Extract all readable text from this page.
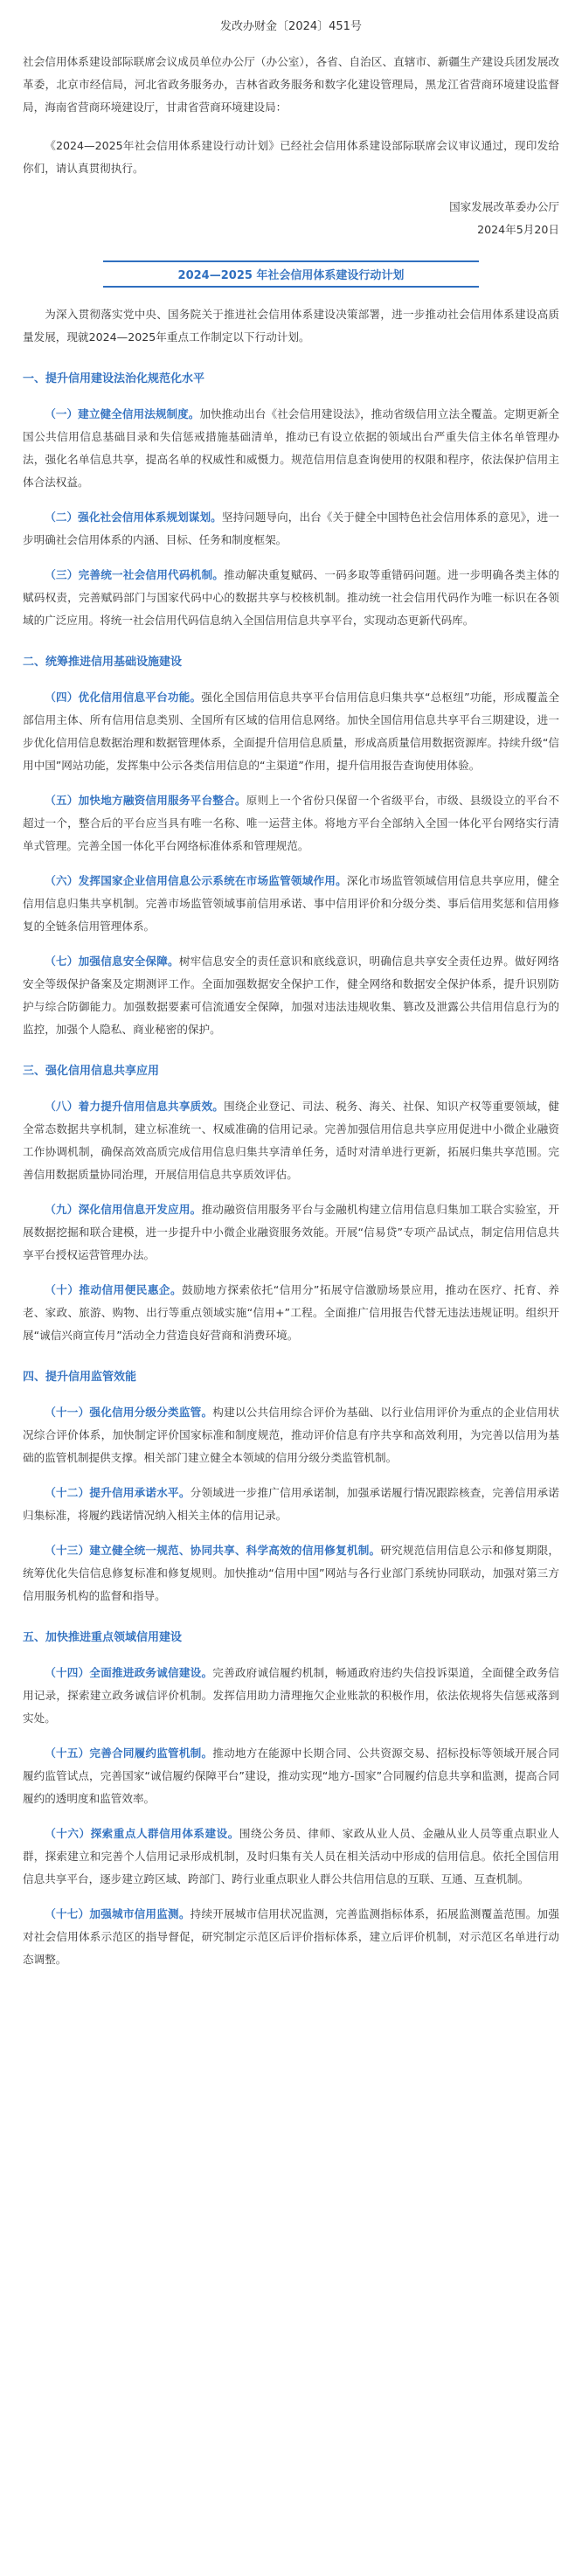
发改办财金〔2024〕451号

社会信用体系建设部际联席会议成员单位办公厅（办公室），各省、自治区、直辖市、新疆生产建设兵团发展改革委，北京市经信局，河北省政务服务办，吉林省政务服务和数字化建设管理局，黑龙江省营商环境建设监督局，海南省营商环境建设厅，甘肃省营商环境建设局：

《2024—2025年社会信用体系建设行动计划》已经社会信用体系建设部际联席会议审议通过，现印发给你们，请认真贯彻执行。

国家发展改革委办公厅

2024年5月20日

2024—2025 年社会信用体系建设行动计划

为深入贯彻落实党中央、国务院关于推进社会信用体系建设决策部署，进一步推动社会信用体系建设高质量发展，现就2024—2025年重点工作制定以下行动计划。

一、提升信用建设法治化规范化水平

（一）建立健全信用法规制度。加快推动出台《社会信用建设法》，推动省级信用立法全覆盖。定期更新全国公共信用信息基础目录和失信惩戒措施基础清单，推动已有设立依据的领域出台严重失信主体名单管理办法，强化名单信息共享，提高名单的权威性和威慑力。规范信用信息查询使用的权限和程序，依法保护信用主体合法权益。

（二）强化社会信用体系规划谋划。坚持问题导向，出台《关于健全中国特色社会信用体系的意见》，进一步明确社会信用体系的内涵、目标、任务和制度框架。

（三）完善统一社会信用代码机制。推动解决重复赋码、一码多取等重错码问题。进一步明确各类主体的赋码权责，完善赋码部门与国家代码中心的数据共享与校核机制。推动统一社会信用代码作为唯一标识在各领域的广泛应用。将统一社会信用代码信息纳入全国信用信息共享平台，实现动态更新代码库。

二、统筹推进信用基础设施建设

（四）优化信用信息平台功能。强化全国信用信息共享平台信用信息归集共享“总枢纽”功能，形成覆盖全部信用主体、所有信用信息类别、全国所有区域的信用信息网络。加快全国信用信息共享平台三期建设，进一步优化信用信息数据治理和数据管理体系，全面提升信用信息质量，形成高质量信用数据资源库。持续升级“信用中国”网站功能，发挥集中公示各类信用信息的“主渠道”作用，提升信用报告查询使用体验。

（五）加快地方融资信用服务平台整合。原则上一个省份只保留一个省级平台，市级、县级设立的平台不超过一个，整合后的平台应当具有唯一名称、唯一运营主体。将地方平台全部纳入全国一体化平台网络实行清单式管理。完善全国一体化平台网络标准体系和管理规范。

（六）发挥国家企业信用信息公示系统在市场监管领域作用。深化市场监管领域信用信息共享应用，健全信用信息归集共享机制。完善市场监管领域事前信用承诺、事中信用评价和分级分类、事后信用奖惩和信用修复的全链条信用管理体系。

（七）加强信息安全保障。树牢信息安全的责任意识和底线意识，明确信息共享安全责任边界。做好网络安全等级保护备案及定期测评工作。全面加强数据安全保护工作，健全网络和数据安全保护体系，提升识别防护与综合防御能力。加强数据要素可信流通安全保障，加强对违法违规收集、篡改及泄露公共信用信息行为的监控，加强个人隐私、商业秘密的保护。

三、强化信用信息共享应用

（八）着力提升信用信息共享质效。围绕企业登记、司法、税务、海关、社保、知识产权等重要领域，健全常态数据共享机制，建立标准统一、权威准确的信用记录。完善加强信用信息共享应用促进中小微企业融资工作协调机制，确保高效高质完成信用信息归集共享清单任务，适时对清单进行更新，拓展归集共享范围。完善信用数据质量协同治理，开展信用信息共享质效评估。

（九）深化信用信息开发应用。推动融资信用服务平台与金融机构建立信用信息归集加工联合实验室，开展数据挖掘和联合建模，进一步提升中小微企业融资服务效能。开展“信易贷”专项产品试点，制定信用信息共享平台授权运营管理办法。

（十）推动信用便民惠企。鼓励地方探索依托“信用分”拓展守信激励场景应用，推动在医疗、托育、养老、家政、旅游、购物、出行等重点领域实施“信用+”工程。全面推广信用报告代替无违法违规证明。组织开展“诚信兴商宣传月”活动全力营造良好营商和消费环境。

四、提升信用监管效能

（十一）强化信用分级分类监管。构建以公共信用综合评价为基础、以行业信用评价为重点的企业信用状况综合评价体系，加快制定评价国家标准和制度规范，推动评价信息有序共享和高效利用，为完善以信用为基础的监管机制提供支撑。相关部门建立健全本领域的信用分级分类监管机制。

（十二）提升信用承诺水平。分领域进一步推广信用承诺制，加强承诺履行情况跟踪核查，完善信用承诺归集标准，将履约践诺情况纳入相关主体的信用记录。

（十三）建立健全统一规范、协同共享、科学高效的信用修复机制。研究规范信用信息公示和修复期限，统筹优化失信信息修复标准和修复规则。加快推动“信用中国”网站与各行业部门系统协同联动，加强对第三方信用服务机构的监督和指导。

五、加快推进重点领域信用建设

（十四）全面推进政务诚信建设。完善政府诚信履约机制，畅通政府违约失信投诉渠道，全面健全政务信用记录，探索建立政务诚信评价机制。发挥信用助力清理拖欠企业账款的积极作用，依法依规将失信惩戒落到实处。

（十五）完善合同履约监管机制。推动地方在能源中长期合同、公共资源交易、招标投标等领域开展合同履约监管试点，完善国家“诚信履约保障平台”建设，推动实现“地方-国家”合同履约信息共享和监测，提高合同履约的透明度和监管效率。

（十六）探索重点人群信用体系建设。围绕公务员、律师、家政从业人员、金融从业人员等重点职业人群，探索建立和完善个人信用记录形成机制，及时归集有关人员在相关活动中形成的信用信息。依托全国信用信息共享平台，逐步建立跨区域、跨部门、跨行业重点职业人群公共信用信息的互联、互通、互查机制。

（十七）加强城市信用监测。持续开展城市信用状况监测，完善监测指标体系，拓展监测覆盖范围。加强对社会信用体系示范区的指导督促，研究制定示范区后评价指标体系，建立后评价机制，对示范区名单进行动态调整。
